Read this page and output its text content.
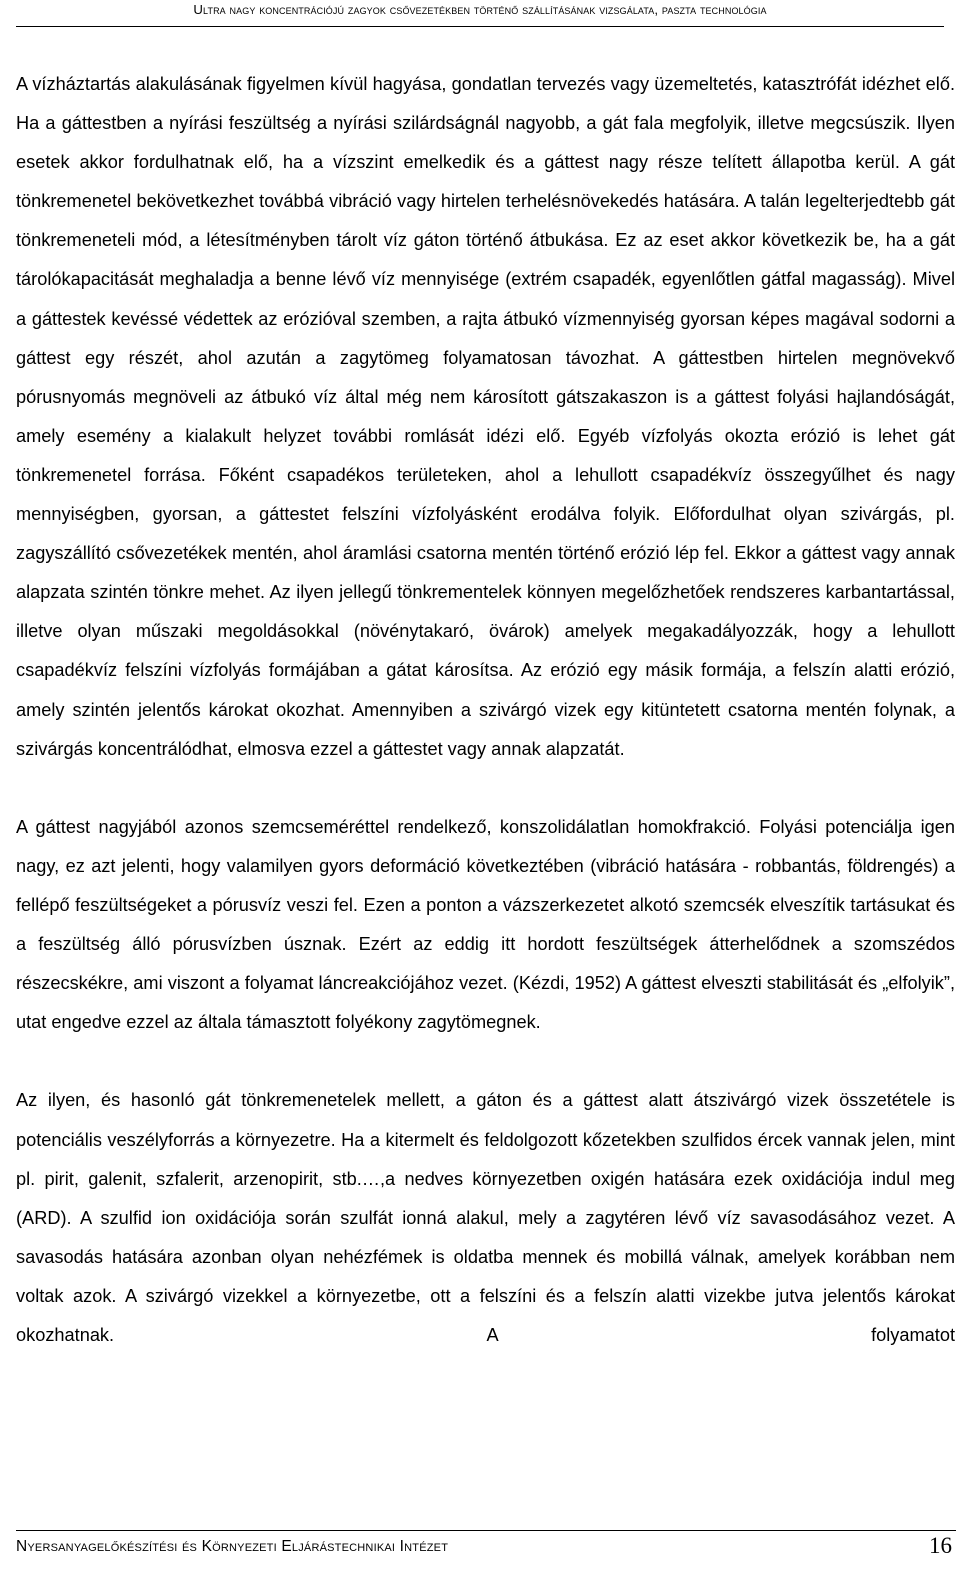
Ultra nagy koncentrációjú zagyok csővezetékben történő szállításának vizsgálata, paszta technológia

A vízháztartás alakulásának figyelmen kívül hagyása, gondatlan tervezés vagy üzemeltetés, katasztrófát idézhet elő. Ha a gáttestben a nyírási feszültség a nyírási szilárdságnál nagyobb, a gát fala megfolyik, illetve megcsúszik. Ilyen esetek akkor fordulhatnak elő, ha a vízszint emelkedik és a gáttest nagy része telített állapotba kerül. A gát tönkremenetel bekövetkezhet továbbá vibráció vagy hirtelen terhelésnövekedés hatására. A talán legelterjedtebb gát tönkremeneteli mód, a létesítményben tárolt víz gáton történő átbukása. Ez az eset akkor következik be, ha a gát tárolókapacitását meghaladja a benne lévő víz mennyisége (extrém csapadék, egyenlőtlen gátfal magasság). Mivel a gáttestek kevéssé védettek az erózióval szemben, a rajta átbukó vízmennyiség gyorsan képes magával sodorni a gáttest egy részét, ahol azután a zagytömeg folyamatosan távozhat. A gáttestben hirtelen megnövekvő pórusnyomás megnöveli az átbukó víz által még nem károsított gátszakaszon is a gáttest folyási hajlandóságát, amely esemény a kialakult helyzet további romlását idézi elő. Egyéb vízfolyás okozta erózió is lehet gát tönkremenetel forrása. Főként csapadékos területeken, ahol a lehullott csapadékvíz összegyűlhet és nagy mennyiségben, gyorsan, a gáttestet felszíni vízfolyásként erodálva folyik. Előfordulhat olyan szivárgás, pl. zagyszállító csővezetékek mentén, ahol áramlási csatorna mentén történő erózió lép fel. Ekkor a gáttest vagy annak alapzata szintén tönkre mehet. Az ilyen jellegű tönkrementelek könnyen megelőzhetőek rendszeres karbantartással, illetve olyan műszaki megoldásokkal (növénytakaró, övárok) amelyek megakadályozzák, hogy a lehullott csapadékvíz felszíni vízfolyás formájában a gátat károsítsa. Az erózió egy másik formája, a felszín alatti erózió, amely szintén jelentős károkat okozhat. Amennyiben a szivárgó vizek egy kitüntetett csatorna mentén folynak, a szivárgás koncentrálódhat, elmosva ezzel a gáttestet vagy annak alapzatát.

A gáttest nagyjából azonos szemcseméréttel rendelkező, konszolidálatlan homokfrakció. Folyási potenciálja igen nagy, ez azt jelenti, hogy valamilyen gyors deformáció következtében (vibráció hatására - robbantás, földrengés) a fellépő feszültségeket a pórusvíz veszi fel. Ezen a ponton a vázszerkezetet alkotó szemcsék elveszítik tartásukat és a feszültség álló pórusvízben úsznak. Ezért az eddig itt hordott feszültségek átterhelődnek a szomszédos részecskékre, ami viszont a folyamat láncreakciójához vezet. (Kézdi, 1952) A gáttest elveszti stabilitását és „elfolyik”, utat engedve ezzel az általa támasztott folyékony zagytömegnek.

Az ilyen, és hasonló gát tönkremenetelek mellett, a gáton és a gáttest alatt átszivárgó vizek összetétele is potenciális veszélyforrás a környezetre. Ha a kitermelt és feldolgozott kőzetekben szulfidos ércek vannak jelen, mint pl. pirit, galenit, szfalerit, arzenopirit, stb.…,a nedves környezetben oxigén hatására ezek oxidációja indul meg (ARD). A szulfid ion oxidációja során szulfát ionná alakul, mely a zagytéren lévő víz savasodásához vezet. A savasodás hatására azonban olyan nehézfémek is oldatba mennek és mobillá válnak, amelyek korábban nem voltak azok. A szivárgó vizekkel a környezetbe, ott a felszíni és a felszín alatti vizekbe jutva jelentős károkat okozhatnak. A folyamatot

Nyersanyagelőkészítési és Környezeti Eljárástechnikai Intézet	16
